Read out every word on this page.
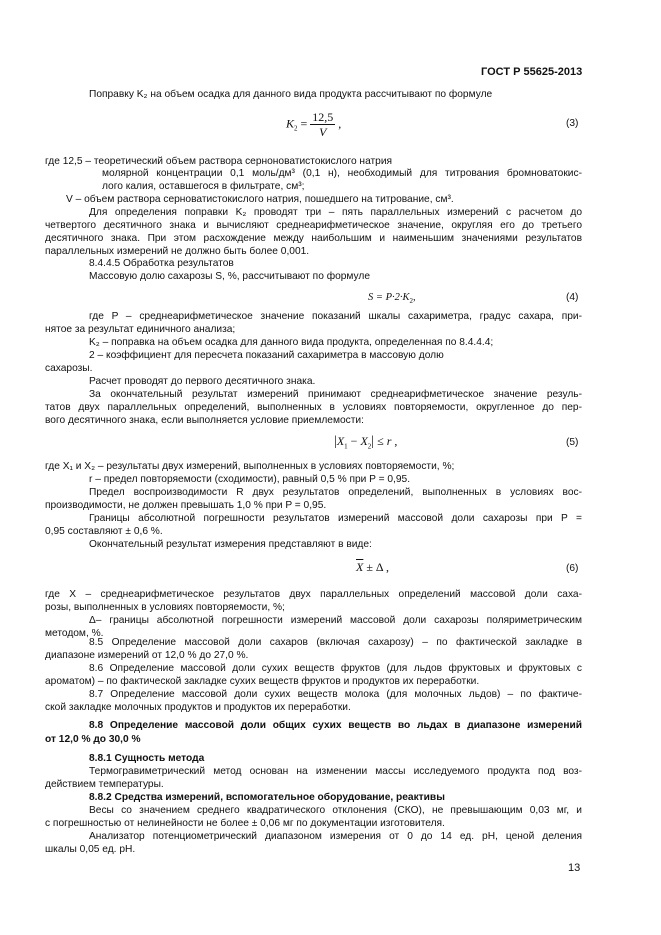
ГОСТ Р 55625-2013
Поправку K₂ на объем осадка для данного вида продукта рассчитывают по формуле
$K_2 = \frac{12,5}{V}$ ,	(3)
где 12,5 – теоретический объем раствора серноноватистокислого натрия
молярной концентрации 0,1 моль/дм³ (0,1 н), необходимый для титрования бромноватокис-
лого калия, оставшегося в фильтрате, см³;
V – объем раствора серноватистокислого натрия, пошедшего на титрование, см³.
Для определения поправки K₂ проводят три – пять параллельных измерений с расчетом до
четвертого десятичного знака и вычисляют среднеарифметическое значение, округляя его до третьего
десятичного знака. При этом расхождение между наибольшим и наименьшим значениями результатов
параллельных измерений не должно быть более 0,001.
8.4.4.5 Обработка результатов
Массовую долю сахарозы S, %, рассчитывают по формуле
$S = P\cdot 2\cdot K_2$,	(4)
где P – среднеарифметическое значение показаний шкалы сахариметра, градус сахара, при-
нятое за результат единичного анализа;
K₂ – поправка на объем осадка для данного вида продукта, определенная по 8.4.4.4;
2 – коэффициент для пересчета показаний сахариметра в массовую долю
сахарозы.
Расчет проводят до первого десятичного знака.
За окончательный результат измерений принимают среднеарифметическое значение резуль-
татов двух параллельных определений, выполненных в условиях повторяемости, округленное до пер-
вого десятичного знака, если выполняется условие приемлемости:
$|X_1 - X_2| \le r$ ,	(5)
где X₁ и X₂ – результаты двух измерений, выполненных в условиях повторяемости, %;
r – предел повторяемости (сходимости), равный 0,5 % при P = 0,95.
Предел воспроизводимости R двух результатов определений, выполненных в условиях вос-
производимости, не должен превышать 1,0 % при P = 0,95.
Границы абсолютной погрешности результатов измерений массовой доли сахарозы при P =
0,95 составляют ± 0,6 %.
Окончательный результат измерения представляют в виде:
$\overline{X} \pm \Delta$ ,	(6)
где X – среднеарифметическое результатов двух параллельных определений массовой доли саха-
розы, выполненных в условиях повторяемости, %;
Δ– границы абсолютной погрешности измерений массовой доли сахарозы поляриметрическим
методом, %.
8.5 Определение массовой доли сахаров (включая сахарозу) – по фактической закладке в
диапазоне измерений от 12,0 % до 27,0 %.
8.6 Определение массовой доли сухих веществ фруктов (для льдов фруктовых и фруктовых с
ароматом) – по фактической закладке сухих веществ фруктов и продуктов их переработки.
8.7 Определение массовой доли сухих веществ молока (для молочных льдов) – по фактиче-
ской закладке молочных продуктов и продуктов их переработки.
8.8 Определение массовой доли общих сухих веществ во льдах в диапазоне измерений
от 12,0 % до 30,0 %
8.8.1 Сущность метода
Термогравиметрический метод основан на изменении массы исследуемого продукта под воз-
действием температуры.
8.8.2 Средства измерений, вспомогательное оборудование, реактивы
Весы со значением среднего квадратического отклонения (СКО), не превышающим 0,03 мг, и
с погрешностью от нелинейности не более ± 0,06 мг по документации изготовителя.
Анализатор потенциометрический диапазоном измерения от 0 до 14 ед. рН, ценой деления
шкалы 0,05 ед. рН.
13
